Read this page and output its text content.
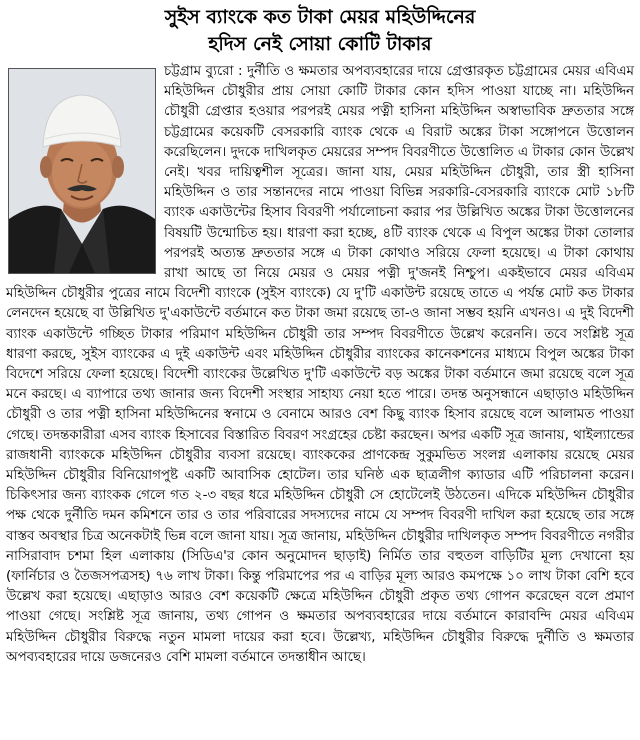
সুইস ব্যাংকে কত টাকা মেয়র মহিউদ্দিনের
হদিস নেই সোয়া কোটি টাকার

চট্টগ্রাম ব্যুরো : দুর্নীতি ও ক্ষমতার অপব্যবহারের দায়ে গ্রেপ্তারকৃত চট্টগ্রামের মেয়র এবিএম মহিউদ্দিন চৌধুরীর প্রায় সোয়া কোটি টাকার কোন হদিস পাওয়া যাচ্ছে না। মহিউদ্দিন চৌধুরী গ্রেপ্তার হওয়ার পরপরই মেয়র পত্নী হাসিনা মহিউদ্দিন অস্বাভাবিক দ্রুততার সঙ্গে চট্টগ্রামের কয়েকটি বেসরকারি ব্যাংক থেকে এ বিরাট অঙ্কের টাকা সঙ্গোপনে উত্তোলন করেছিলেন। দুদকে দাখিলকৃত মেয়রের সম্পদ বিবরণীতে উত্তোলিত এ টাকার কোন উল্লেখ নেই। খবর দায়িত্বশীল সূত্রের। জানা যায়, মেয়র মহিউদ্দিন চৌধুরী, তার স্ত্রী হাসিনা মহিউদ্দিন ও তার সন্তানদের নামে পাওয়া বিভিন্ন সরকারি-বেসরকারি ব্যাংকে মোট ১৮টি ব্যাংক একাউন্টের হিসাব বিবরণী পর্যালোচনা করার পর উল্লিখিত অঙ্কের টাকা উত্তোলনের বিষয়টি উন্মোচিত হয়। ধারণা করা হচ্ছে, ৪টি ব্যাংক থেকে এ বিপুল অঙ্কের টাকা তোলার পরপরই অত্যন্ত দ্রুততার সঙ্গে এ টাকা কোথাও সরিয়ে ফেলা হয়েছে। এ টাকা কোথায় রাখা আছে তা নিয়ে মেয়র ও মেয়র পত্নী দু'জনই নিশ্চুপ। একইভাবে মেয়র এবিএম মহিউদ্দিন চৌধুরীর পুত্রের নামে বিদেশী ব্যাংকে (সুইস ব্যাংকে) যে দু'টি একাউন্ট রয়েছে তাতে এ পর্যন্ত মোট কত টাকার লেনদেন হয়েছে বা উল্লিখিত দু'একাউন্টে বর্তমানে কত টাকা জমা রয়েছে তা-ও জানা সম্ভব হয়নি এখনও। এ দুই বিদেশী ব্যাংক একাউন্টে গচ্ছিত টাকার পরিমাণ মহিউদ্দিন চৌধুরী তার সম্পদ বিবরণীতে উল্লেখ করেননি। তবে সংশ্লিষ্ট সূত্র ধারণা করছে, সুইস ব্যাংকের এ দুই একাউন্ট এবং মহিউদ্দিন চৌধুরীর ব্যাংকের কানেকশনের মাধ্যমে বিপুল অঙ্কের টাকা বিদেশে সরিয়ে ফেলা হয়েছে। বিদেশী ব্যাংকের উল্লেখিত দু'টি একাউন্টে বড় অঙ্কের টাকা বর্তমানে জমা রয়েছে বলে সূত্র মনে করছে। এ ব্যাপারে তথ্য জানার জন্য বিদেশী সংস্থার সাহায্য নেয়া হতে পারে। তদন্ত অনুসন্ধানে এছাড়াও মহিউদ্দিন চৌধুরী ও তার পত্নী হাসিনা মহিউদ্দিনের স্বনামে ও বেনামে আরও বেশ কিছু ব্যাংক হিসাব রয়েছে বলে আলামত পাওয়া গেছে। তদন্তকারীরা এসব ব্যাংক হিসাবের বিস্তারিত বিবরণ সংগ্রহের চেষ্টা করছেন। অপর একটি সূত্র জানায়, থাইল্যান্ডের রাজধানী ব্যাংককে মহিউদ্দিন চৌধুরীর ব্যবসা রয়েছে। ব্যাংককের প্রাণকেন্দ্র সুকুমভিত সংলগ্ন এলাকায় রয়েছে মেয়র মহিউদ্দিন চৌধুরীর বিনিয়োগপুষ্ট একটি আবাসিক হোটেল। তার ঘনিষ্ঠ এক ছাত্রলীগ ক্যাডার এটি পরিচালনা করেন। চিকিৎসার জন্য ব্যাংকক গেলে গত ২-৩ বছর ধরে মহিউদ্দিন চৌধুরী সে হোটেলেই উঠতেন। এদিকে মহিউদ্দিন চৌধুরীর পক্ষ থেকে দুর্নীতি দমন কমিশনে তার ও তার পরিবারের সদস্যদের নামে যে সম্পদ বিবরণী দাখিল করা হয়েছে তার সঙ্গে বাস্তব অবস্থার চিত্র অনেকটাই ভিন্ন বলে জানা যায়। সূত্র জানায়, মহিউদ্দিন চৌধুরীর দাখিলকৃত সম্পদ বিবরণীতে নগরীর নাসিরাবাদ চশমা হিল এলাকায় (সিডিএ'র কোন অনুমোদন ছাড়াই) নির্মিত তার বহুতল বাড়িটির মূল্য দেখানো হয় (ফার্নিচার ও তৈজসপত্রসহ) ৭৬ লাখ টাকা। কিন্তু পরিমাপের পর এ বাড়ির মূল্য আরও কমপক্ষে ১০ লাখ টাকা বেশি হবে উল্লেখ করা হয়েছে। এছাড়াও আরও বেশ কয়েকটি ক্ষেত্রে মহিউদ্দিন চৌধুরী প্রকৃত তথ্য গোপন করেছেন বলে প্রমাণ পাওয়া গেছে। সংশ্লিষ্ট সূত্র জানায়, তথ্য গোপন ও ক্ষমতার অপব্যবহারের দায়ে বর্তমানে কারাবন্দি মেয়র এবিএম মহিউদ্দিন চৌধুরীর বিরুদ্ধে নতুন মামলা দায়ের করা হবে। উল্লেখ্য, মহিউদ্দিন চৌধুরীর বিরুদ্ধে দুর্নীতি ও ক্ষমতার অপব্যবহারের দায়ে ডজনেরও বেশি মামলা বর্তমানে তদন্তাধীন আছে।
